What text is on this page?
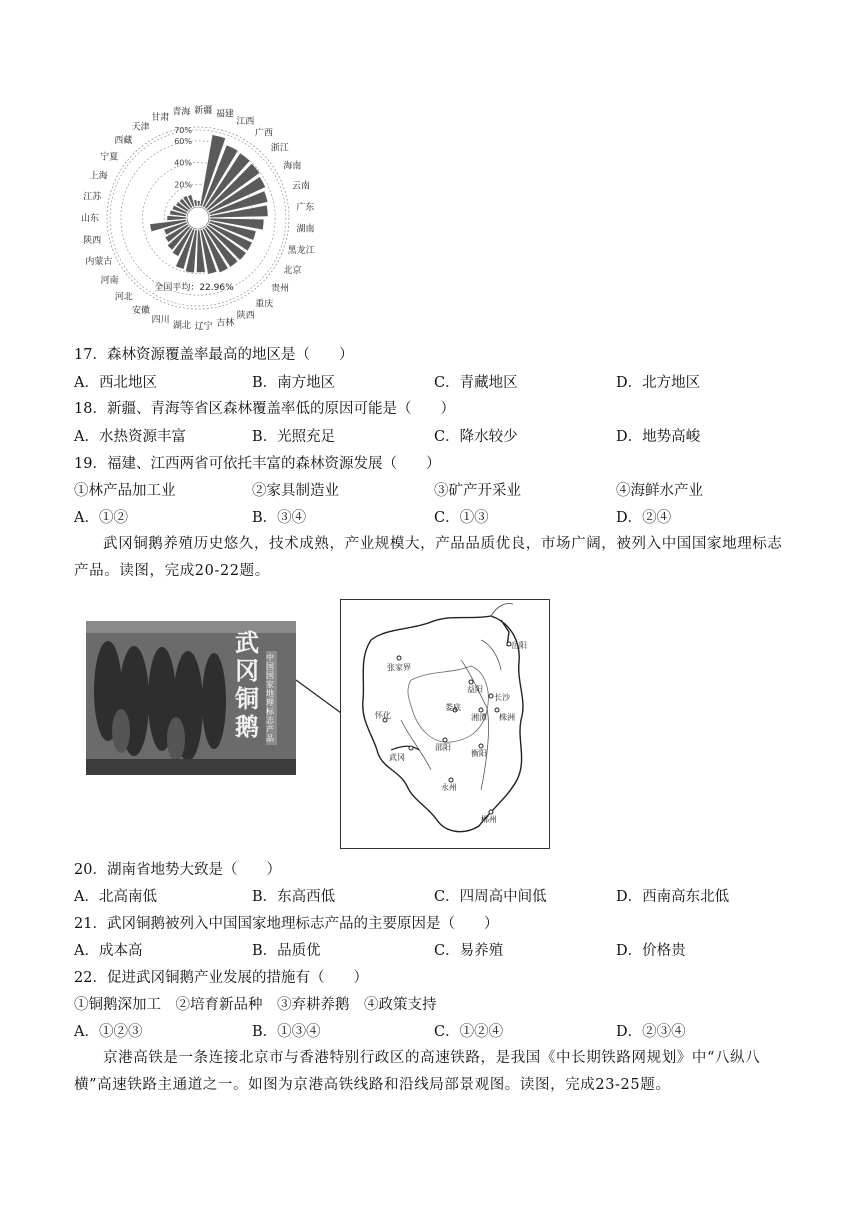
20%
40%
60%
70%
福建
江西
广西
浙江
海南
云南
广东
湖南
黑龙江
北京
贵州
重庆
陕西
吉林
辽宁
湖北
四川
安徽
河北
河南
内蒙古
陕西
山东
江苏
上海
宁夏
西藏
天津
甘肃
青海 新疆
全国平均：22.96%
17．森林资源覆盖率最高的地区是（　　）
A．西北地区	B．南方地区	C．青藏地区	D．北方地区
18．新疆、青海等省区森林覆盖率低的原因可能是（　　）
A．水热资源丰富	B．光照充足	C．降水较少	D．地势高峻
19．福建、江西两省可依托丰富的森林资源发展（　　）
①林产品加工业	②家具制造业	③矿产开采业	④海鲜水产业
A．①②	B．③④	C．①③	D．②④
武冈铜鹅养殖历史悠久，技术成熟，产业规模大，产品品质优良，市场广阔，被列入中国国家地理标志产品。读图，完成20-22题。
武
冈
铜
鹅
中国国家地理标志产品
张家界
岳阳
益阳
长沙
娄底
湘潭 株洲
怀化
邵阳
衡阳
武冈
永州
郴州
20．湖南省地势大致是（　　）
A．北高南低	B．东高西低	C．四周高中间低	D．西南高东北低
21．武冈铜鹅被列入中国国家地理标志产品的主要原因是（　　）
A．成本高	B．品质优	C．易养殖	D．价格贵
22．促进武冈铜鹅产业发展的措施有（　　）
①铜鹅深加工　②培育新品种　③弃耕养鹅　④政策支持
A．①②③	B．①③④	C．①②④	D．②③④
京港高铁是一条连接北京市与香港特别行政区的高速铁路，是我国《中长期铁路网规划》中“八纵八横”高速铁路主通道之一。如图为京港高铁线路和沿线局部景观图。读图，完成23-25题。
